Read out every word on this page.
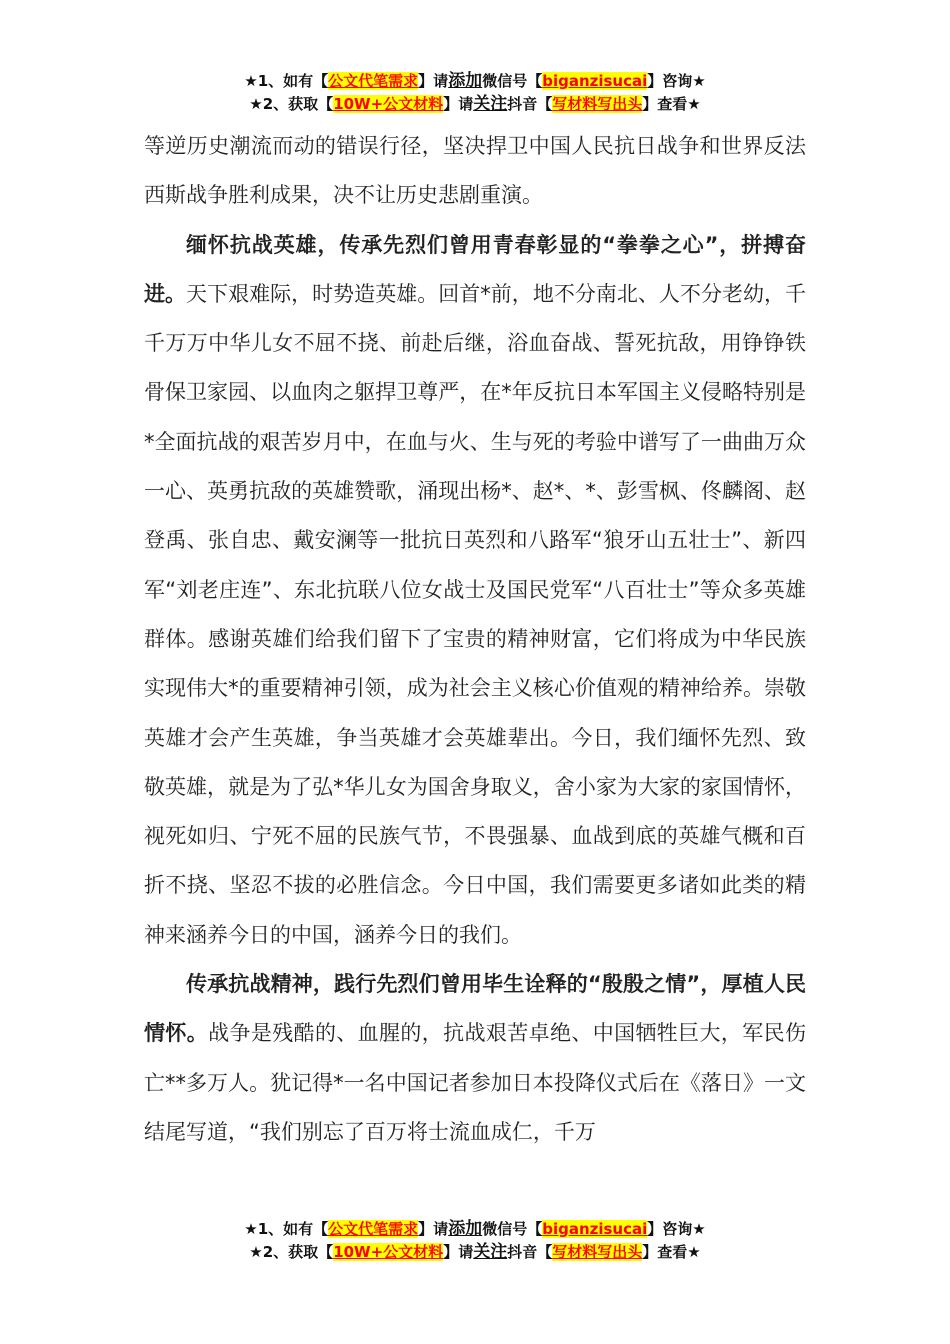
★1、如有【公文代笔需求】请添加微信号【biganzisucai】咨询★
★2、获取【10W+公文材料】请关注抖音【写材料写出头】查看★

等逆历史潮流而动的错误行径，坚决捍卫中国人民抗日战争和世界反法西斯战争胜利成果，决不让历史悲剧重演。

缅怀抗战英雄，传承先烈们曾用青春彰显的“拳拳之心”，拼搏奋进。天下艰难际，时势造英雄。回首*前，地不分南北、人不分老幼，千千万万中华儿女不屈不挠、前赴后继，浴血奋战、誓死抗敌，用铮铮铁骨保卫家园、以血肉之躯捍卫尊严，在*年反抗日本军国主义侵略特别是*全面抗战的艰苦岁月中，在血与火、生与死的考验中谱写了一曲曲万众一心、英勇抗敌的英雄赞歌，涌现出杨*、赵*、*、彭雪枫、佟麟阁、赵登禹、张自忠、戴安澜等一批抗日英烈和八路军“狼牙山五壮士”、新四军“刘老庄连”、东北抗联八位女战士及国民党军“八百壮士”等众多英雄群体。感谢英雄们给我们留下了宝贵的精神财富，它们将成为中华民族实现伟大*的重要精神引领，成为社会主义核心价值观的精神给养。崇敬英雄才会产生英雄，争当英雄才会英雄辈出。今日，我们缅怀先烈、致敬英雄，就是为了弘*华儿女为国舍身取义，舍小家为大家的家国情怀，视死如归、宁死不屈的民族气节，不畏强暴、血战到底的英雄气概和百折不挠、坚忍不拔的必胜信念。今日中国，我们需要更多诸如此类的精神来涵养今日的中国，涵养今日的我们。

传承抗战精神，践行先烈们曾用毕生诠释的“殷殷之情”，厚植人民情怀。战争是残酷的、血腥的，抗战艰苦卓绝、中国牺牲巨大，军民伤亡**多万人。犹记得*一名中国记者参加日本投降仪式后在《落日》一文结尾写道，“我们别忘了百万将士流血成仁，千万

★1、如有【公文代笔需求】请添加微信号【biganzisucai】咨询★
★2、获取【10W+公文材料】请关注抖音【写材料写出头】查看★
